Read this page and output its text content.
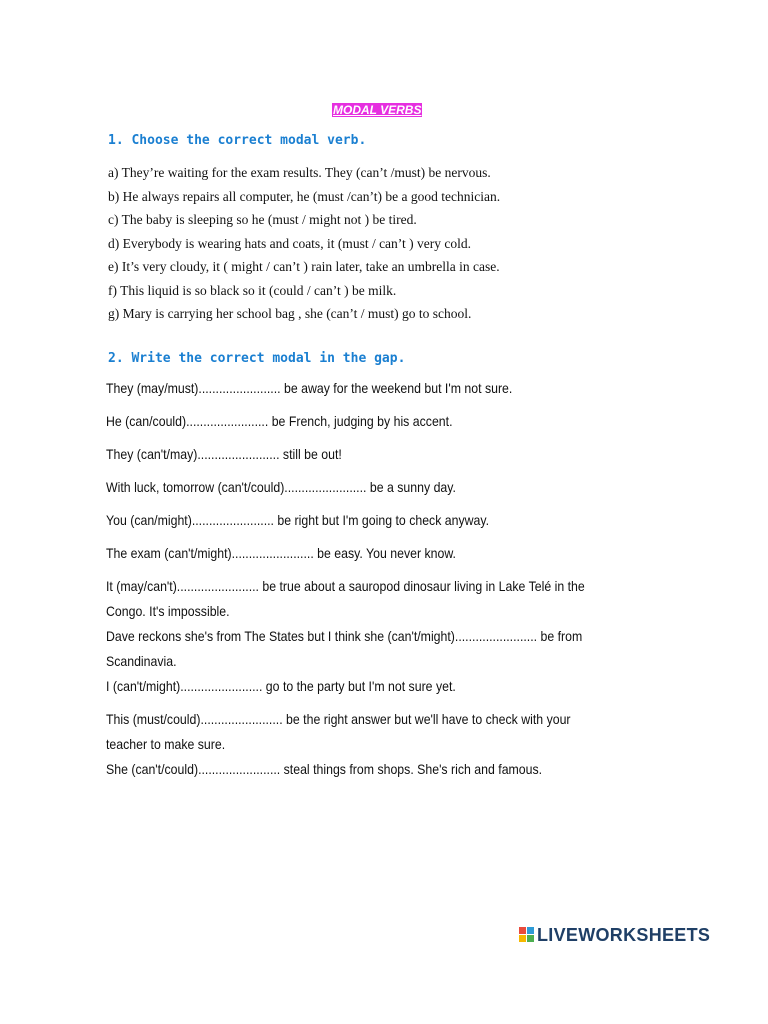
MODAL VERBS
1. Choose the correct modal verb.
a) They’re waiting for the exam results. They (can’t /must) be nervous.
b) He always repairs all computer, he (must /can’t) be a good technician.
c) The baby is sleeping so he (must / might not ) be tired.
d) Everybody is wearing hats and coats, it (must / can’t ) very cold.
e) It’s very cloudy, it ( might / can’t ) rain later, take an umbrella in case.
f) This liquid is so black so it (could / can’t ) be milk.
g) Mary is carrying her school bag , she (can’t / must) go to school.
2. Write the correct modal in the gap.
They (may/must)........................ be away for the weekend but I'm not sure.
He (can/could)........................ be French, judging by his accent.
They (can't/may)........................ still be out!
With luck, tomorrow (can't/could)........................ be a sunny day.
You (can/might)........................ be right but I'm going to check anyway.
The exam (can't/might)........................ be easy. You never know.
It (may/can't)........................ be true about a sauropod dinosaur living in Lake Telé in the
Congo. It's impossible.
Dave reckons she's from The States but I think she (can't/might)........................ be from
Scandinavia.
I (can't/might)........................ go to the party but I'm not sure yet.
This (must/could)........................ be the right answer but we'll have to check with your
teacher to make sure.
She (can't/could)........................ steal things from shops. She's rich and famous.
LIVEWORKSHEETS
